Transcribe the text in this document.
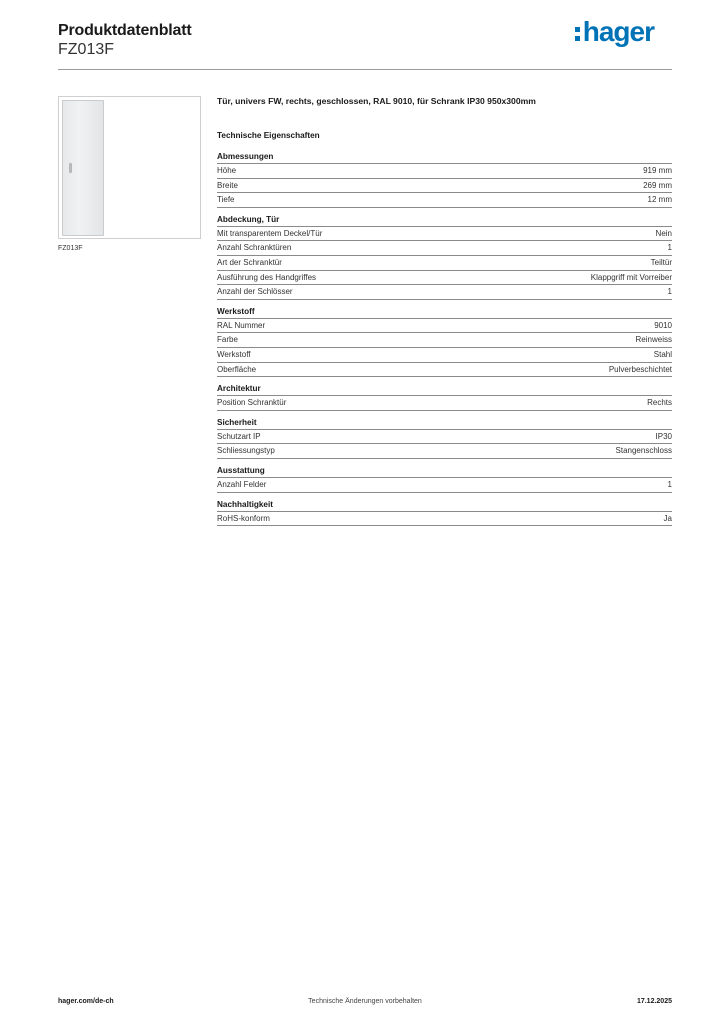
Produktdatenblatt
FZ013F
hager
FZ013F
Tür, univers FW, rechts, geschlossen, RAL 9010, für Schrank IP30 950x300mm
Technische Eigenschaften
Abmessungen
Höhe	919 mm
Breite	269 mm
Tiefe	12 mm
Abdeckung, Tür
Mit transparentem Deckel/Tür	Nein
Anzahl Schranktüren	1
Art der Schranktür	Teiltür
Ausführung des Handgriffes	Klappgriff mit Vorreiber
Anzahl der Schlösser	1
Werkstoff
RAL Nummer	9010
Farbe	Reinweiss
Werkstoff	Stahl
Oberfläche	Pulverbeschichtet
Architektur
Position Schranktür	Rechts
Sicherheit
Schutzart IP	IP30
Schliessungstyp	Stangenschloss
Ausstattung
Anzahl Felder	1
Nachhaltigkeit
RoHS-konform	Ja
hager.com/de-ch	Technische Änderungen vorbehalten	17.12.2025
